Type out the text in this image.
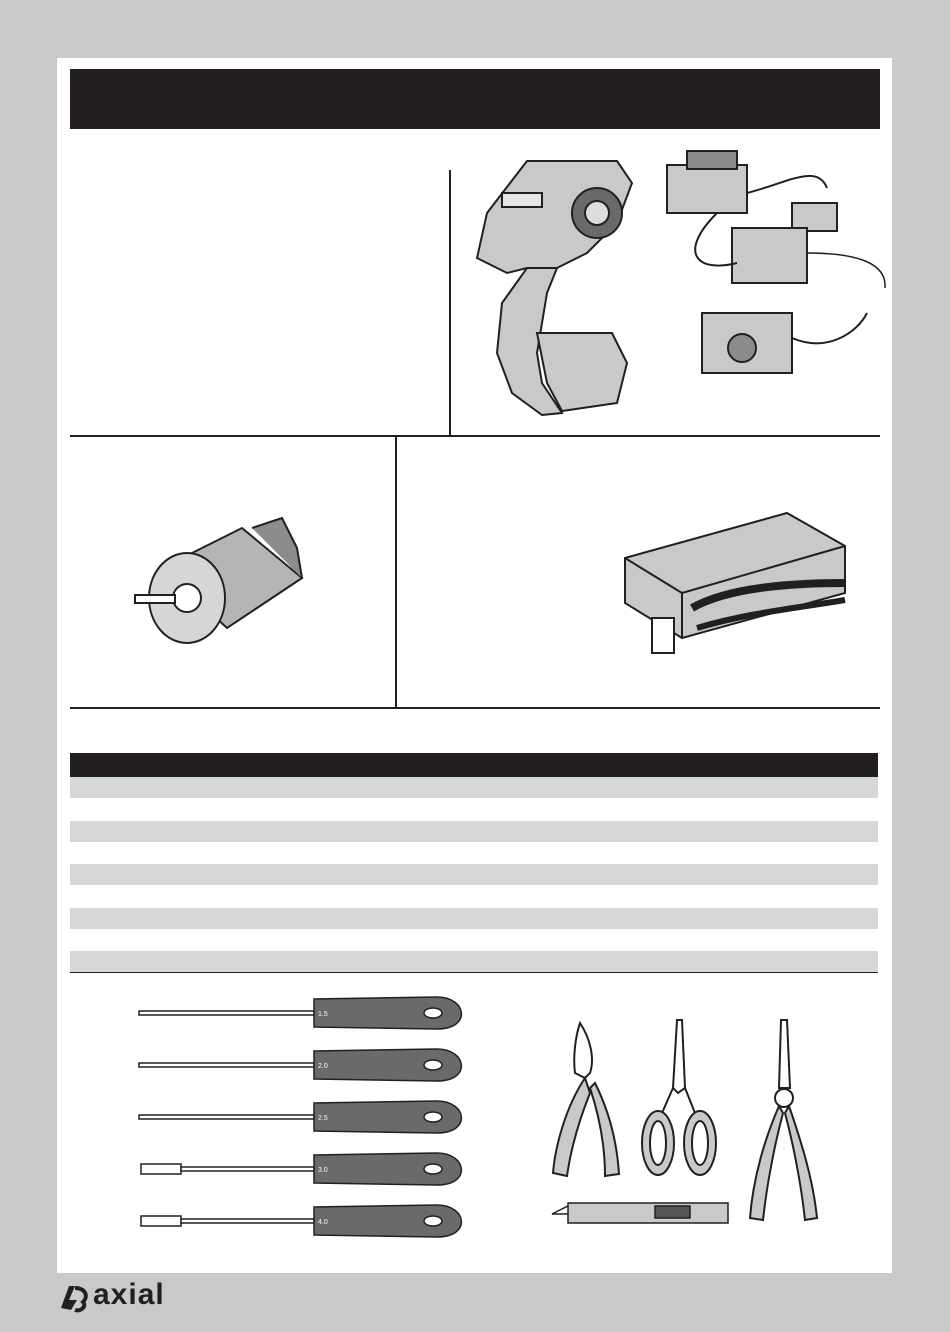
1.5
2.0
2.5
3.0
4.0
axial
